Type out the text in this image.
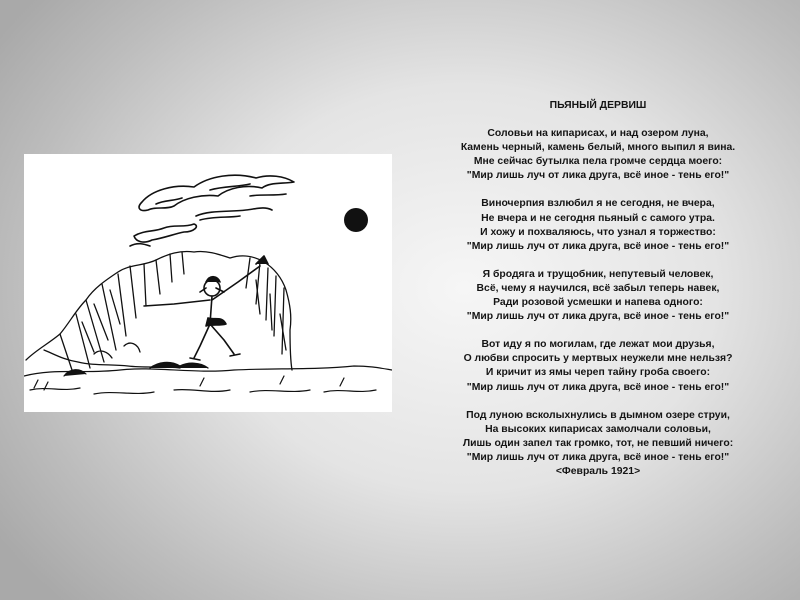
ПЬЯНЫЙ ДЕРВИШ
Соловьи на кипарисах, и над озером луна,
Камень черный, камень белый, много выпил я вина.
Мне сейчас бутылка пела громче сердца моего:
"Мир лишь луч от лика друга, всё иное - тень его!"
Виночерпия взлюбил я не сегодня, не вчера,
Не вчера и не сегодня пьяный с самого утра.
И хожу и похваляюсь, что узнал я торжество:
"Мир лишь луч от лика друга, всё иное - тень его!"
Я бродяга и трущобник, непутевый человек,
Всё, чему я научился, всё забыл теперь навек,
Ради розовой усмешки и напева одного:
"Мир лишь луч от лика друга, всё иное - тень его!"
Вот иду я по могилам, где лежат мои друзья,
О любви спросить у мертвых неужели мне нельзя?
И кричит из ямы череп тайну гроба своего:
"Мир лишь луч от лика друга, всё иное - тень его!"
Под луною всколыхнулись в дымном озере струи,
На высоких кипарисах замолчали соловьи,
Лишь один запел так громко, тот, не певший ничего:
"Мир лишь луч от лика друга, всё иное - тень его!"
<Февраль 1921>
